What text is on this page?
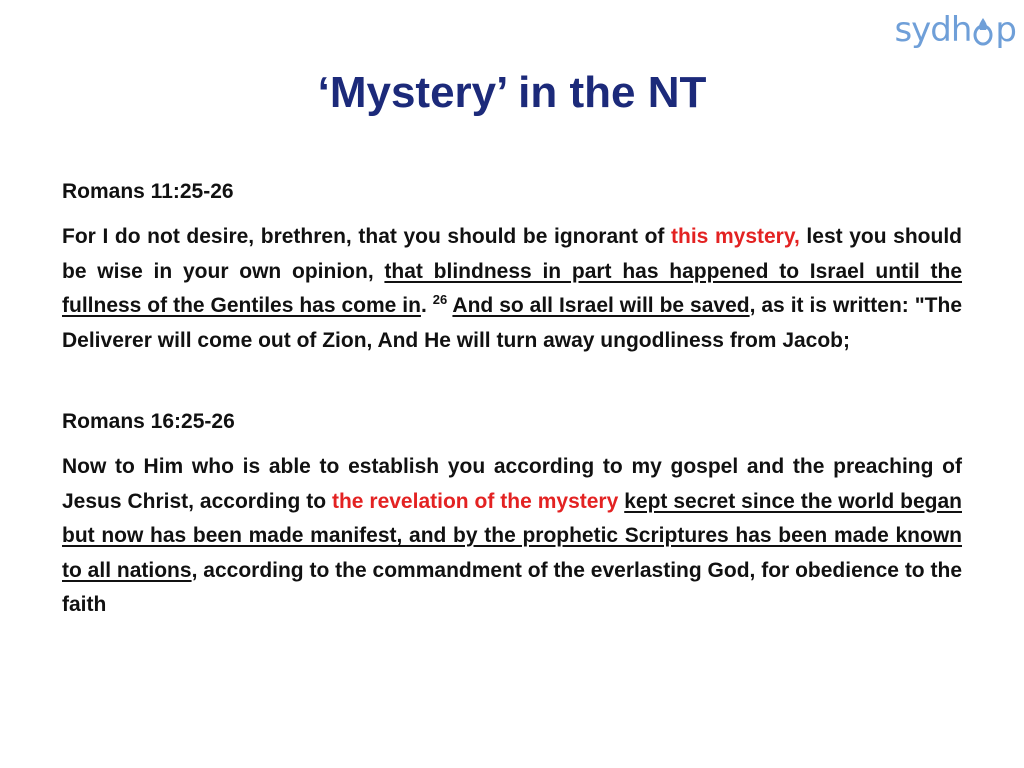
sydh p
‘Mystery’ in the NT

Romans 11:25-26

For I do not desire, brethren, that you should be ignorant of this mystery, lest you should be wise in your own opinion, that blindness in part has happened to Israel until the fullness of the Gentiles has come in. $^{26}$ And so all Israel will be saved, as it is written: "The Deliverer will come out of Zion, And He will turn away ungodliness from Jacob;

Romans 16:25-26

Now to Him who is able to establish you according to my gospel and the preaching of Jesus Christ, according to the revelation of the mystery kept secret since the world began but now has been made manifest, and by the prophetic Scriptures has been made known to all nations, according to the commandment of the everlasting God, for obedience to the faith
